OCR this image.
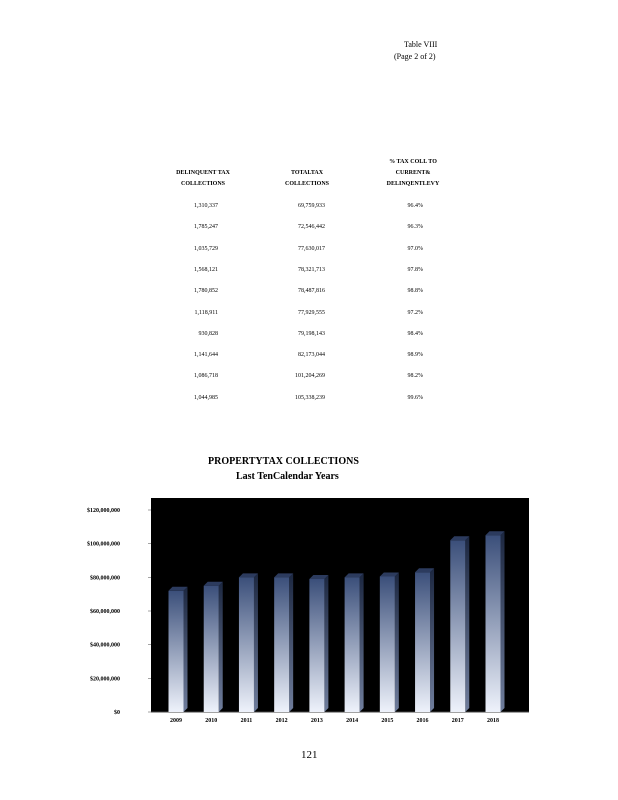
Table VIII
(Page 2 of 2)
DELINQUENT TAX COLLECTIONS
TOTALTAX COLLECTIONS
% TAX COLL TO CURRENT& DELINQENTLEVY
1,310,337	69,759,933	96.4%
1,785,247	72,546,442	96.3%
1,035,729	77,630,017	97.0%
1,568,121	78,321,713	97.8%
1,780,852	78,487,816	98.8%
1,118,911	77,929,555	97.2%
930,828	79,198,143	98.4%
1,141,644	82,173,044	98.9%
1,086,718	101,204,269	98.2%
1,044,985	105,338,239	99.6%
PROPERTYTAX COLLECTIONS
Last TenCalendar Years
$0
$20,000,000
$40,000,000
$60,000,000
$80,000,000
$100,000,000
$120,000,000
2009	2010	2011	2012	2013	2014	2015	2016	2017	2018
121
